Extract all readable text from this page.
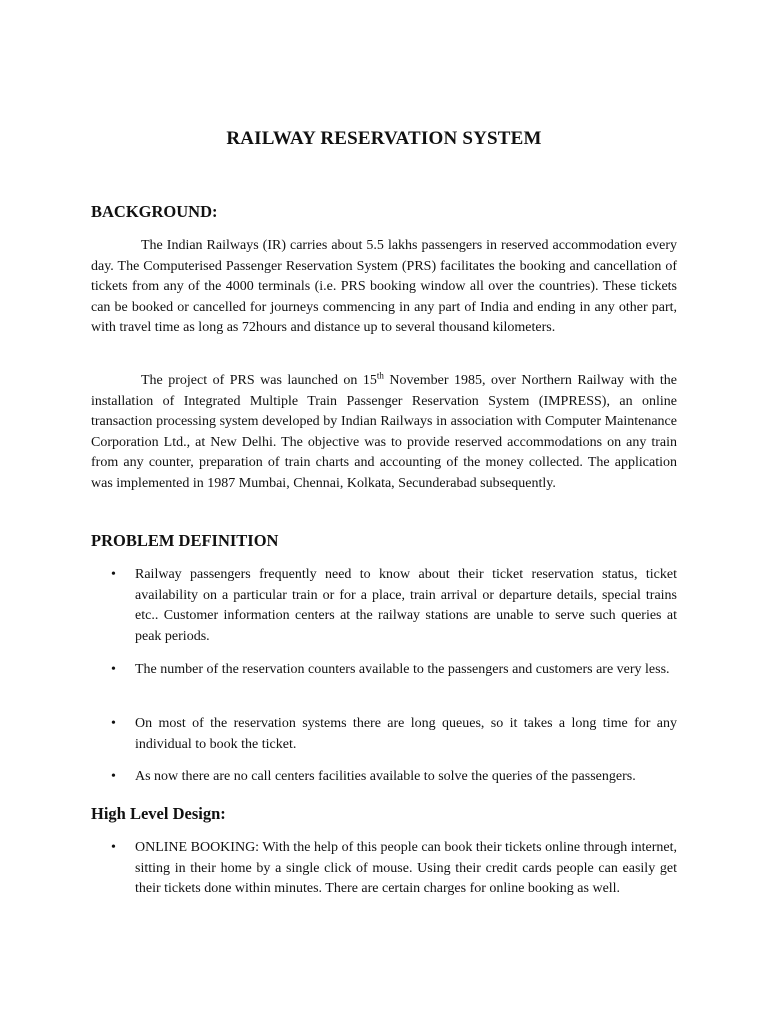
RAILWAY RESERVATION SYSTEM
BACKGROUND:

The Indian Railways (IR) carries about 5.5 lakhs passengers in reserved accommodation every day. The Computerised Passenger Reservation System (PRS) facilitates the booking and cancellation of tickets from any of the 4000 terminals (i.e. PRS booking window all over the countries). These tickets can be booked or cancelled for journeys commencing in any part of India and ending in any other part, with travel time as long as 72hours and distance up to several thousand kilometers.

The project of PRS was launched on 15th November 1985, over Northern Railway with the installation of Integrated Multiple Train Passenger Reservation System (IMPRESS), an online transaction processing system developed by Indian Railways in association with Computer Maintenance Corporation Ltd., at New Delhi. The objective was to provide reserved accommodations on any train from any counter, preparation of train charts and accounting of the money collected. The application was implemented in 1987 Mumbai, Chennai, Kolkata, Secunderabad subsequently.

PROBLEM DEFINITION
• Railway passengers frequently need to know about their ticket reservation status, ticket availability on a particular train or for a place, train arrival or departure details, special trains etc.. Customer information centers at the railway stations are unable to serve such queries at peak periods.
• The number of the reservation counters available to the passengers and customers are very less.
• On most of the reservation systems there are long queues, so it takes a long time for any individual to book the ticket.
• As now there are no call centers facilities available to solve the queries of the passengers.
High Level Design:
• ONLINE BOOKING: With the help of this people can book their tickets online through internet, sitting in their home by a single click of mouse. Using their credit cards people can easily get their tickets done within minutes. There are certain charges for online booking as well.
